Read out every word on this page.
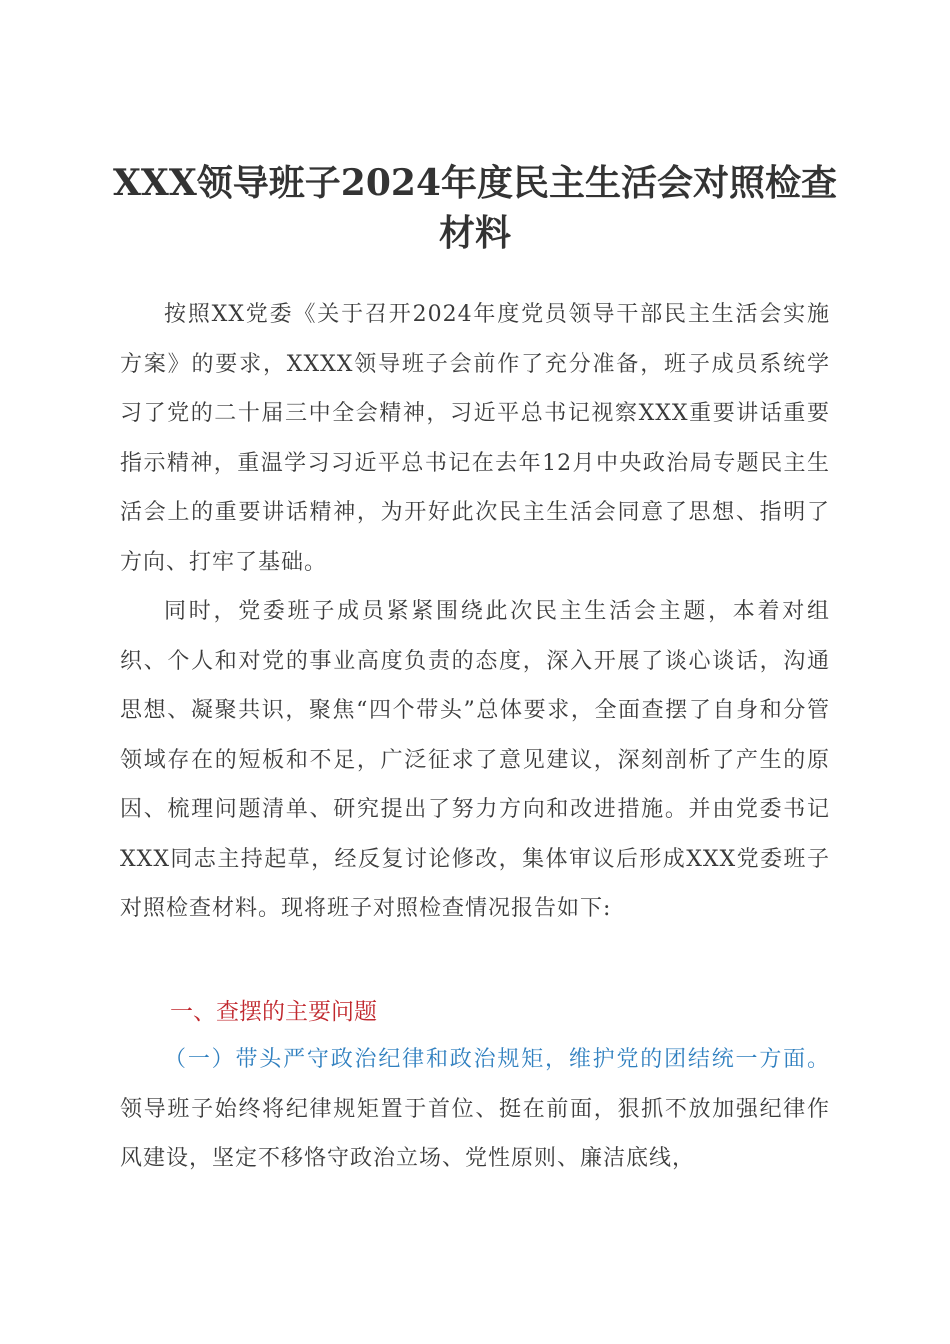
XXX领导班子2024年度民主生活会对照检查材料

按照XX党委《关于召开2024年度党员领导干部民主生活会实施方案》的要求，XXXX领导班子会前作了充分准备，班子成员系统学习了党的二十届三中全会精神，习近平总书记视察XXX重要讲话重要指示精神，重温学习习近平总书记在去年12月中央政治局专题民主生活会上的重要讲话精神，为开好此次民主生活会同意了思想、指明了方向、打牢了基础。

同时，党委班子成员紧紧围绕此次民主生活会主题，本着对组织、个人和对党的事业高度负责的态度，深入开展了谈心谈话，沟通思想、凝聚共识，聚焦“四个带头”总体要求，全面查摆了自身和分管领域存在的短板和不足，广泛征求了意见建议，深刻剖析了产生的原因、梳理问题清单、研究提出了努力方向和改进措施。并由党委书记XXX同志主持起草，经反复讨论修改，集体审议后形成XXX党委班子对照检查材料。现将班子对照检查情况报告如下:

一、查摆的主要问题

（一）带头严守政治纪律和政治规矩，维护党的团结统一方面。领导班子始终将纪律规矩置于首位、挺在前面，狠抓不放加强纪律作风建设，坚定不移恪守政治立场、党性原则、廉洁底线，
